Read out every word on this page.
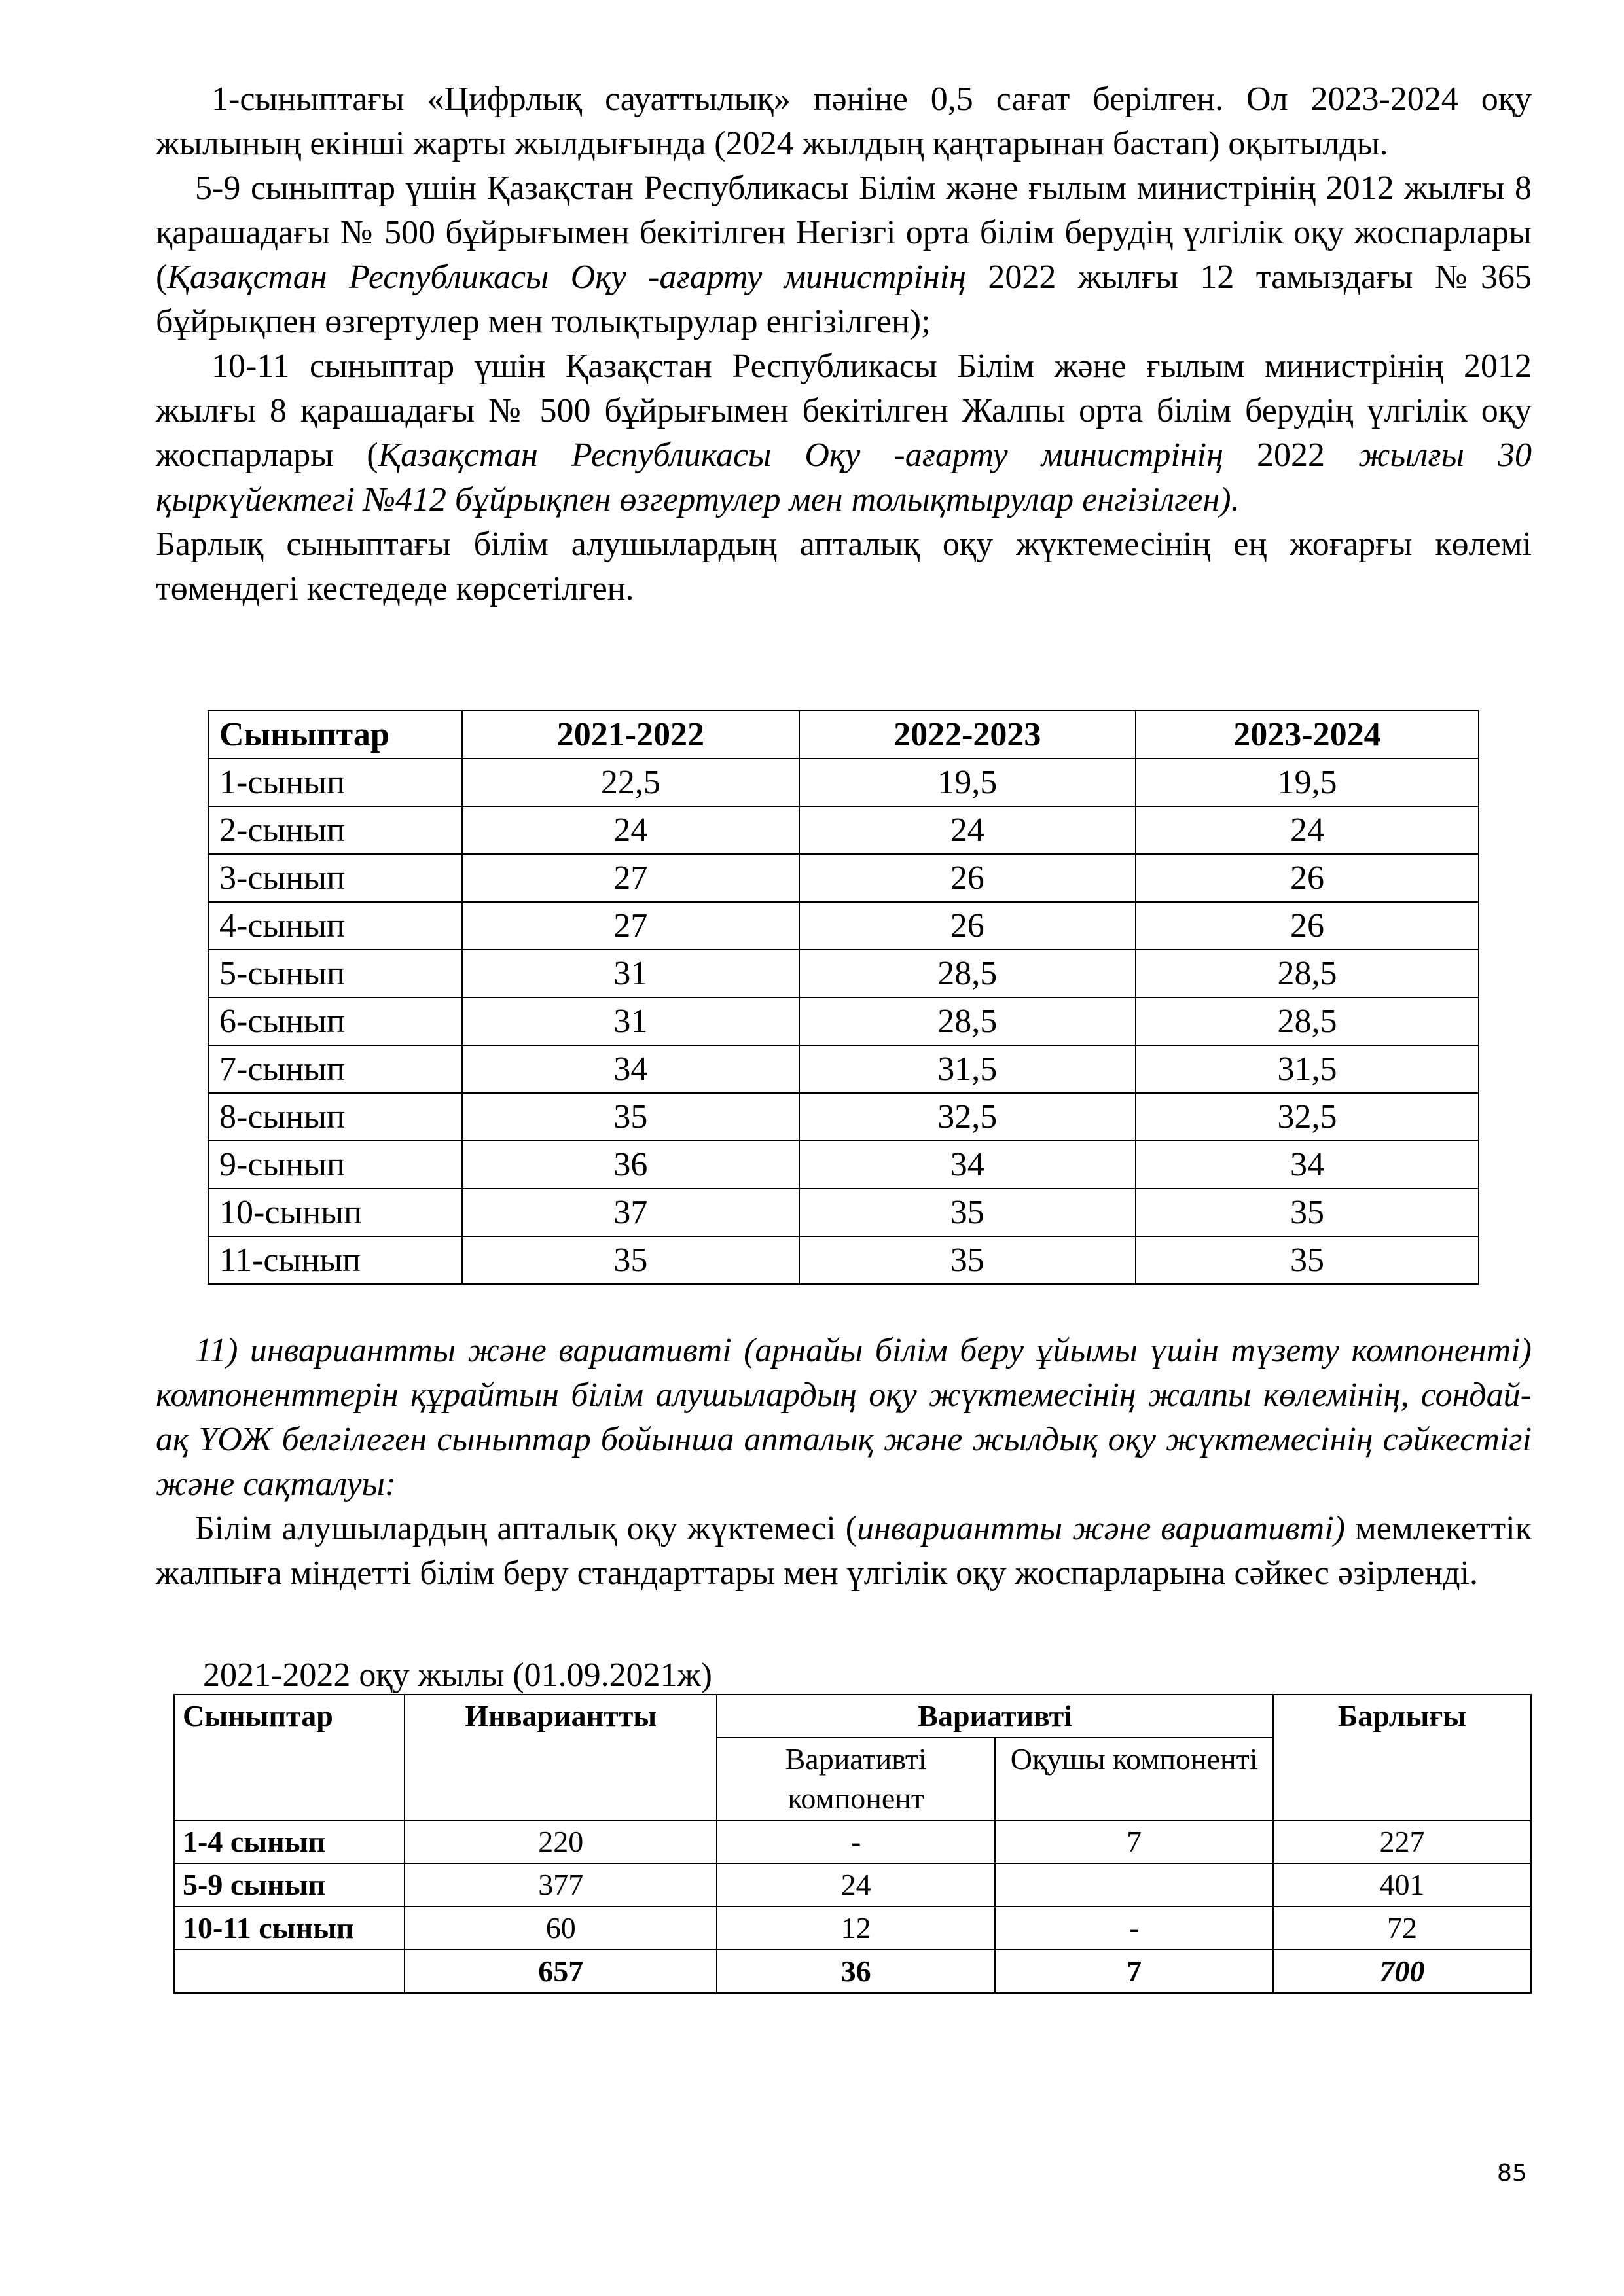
1-сыныптағы «Цифрлық сауаттылық» пәніне 0,5 сағат берілген. Ол 2023-2024 оқу жылының екінші жарты жылдығында (2024 жылдың қаңтарынан бастап) оқытылды.

5-9 сыныптар үшін Қазақстан Республикасы Білім және ғылым министрінің 2012 жылғы 8 қарашадағы № 500 бұйрығымен бекітілген Негізгі орта білім берудің үлгілік оқу жоспарлары (Қазақстан Республикасы Оқу -ағарту министрінің 2022 жылғы 12 тамыздағы №365 бұйрықпен өзгертулер мен толықтырулар енгізілген);

10-11 сыныптар үшін Қазақстан Республикасы Білім және ғылым министрінің 2012 жылғы 8 қарашадағы № 500 бұйрығымен бекітілген Жалпы орта білім берудің үлгілік оқу жоспарлары (Қазақстан Республикасы Оқу -ағарту министрінің 2022 жылғы 30 қыркүйектегі №412 бұйрықпен өзгертулер мен толықтырулар енгізілген).

Барлық сыныптағы білім алушылардың апталық оқу жүктемесінің ең жоғарғы көлемі төмендегі кестедеде көрсетілген.

Сыныптар	2021-2022	2022-2023	2023-2024
1-сынып	22,5	19,5	19,5
2-сынып	24	24	24
3-сынып	27	26	26
4-сынып	27	26	26
5-сынып	31	28,5	28,5
6-сынып	31	28,5	28,5
7-сынып	34	31,5	31,5
8-сынып	35	32,5	32,5
9-сынып	36	34	34
10-сынып	37	35	35
11-сынып	35	35	35

11) инвариантты және вариативті (арнайы білім беру ұйымы үшін түзету компоненті) компоненттерін құрайтын білім алушылардың оқу жүктемесінің жалпы көлемінің, сондай-ақ ҮОЖ белгілеген сыныптар бойынша апталық және жылдық оқу жүктемесінің сәйкестігі және сақталуы:

Білім алушылардың апталық оқу жүктемесі (инвариантты және вариативті) мемлекеттік жалпыға міндетті білім беру стандарттары мен үлгілік оқу жоспарларына сәйкес әзірленді.

2021-2022 оқу жылы (01.09.2021ж)

Сыныптар	Инвариантты	Вариативті		Барлығы
		Вариативті компонент	Оқушы компоненті	
1-4 сынып	220	-	7	227
5-9 сынып	377	24		401
10-11 сынып	60	12	-	72
	657	36	7	700
85
